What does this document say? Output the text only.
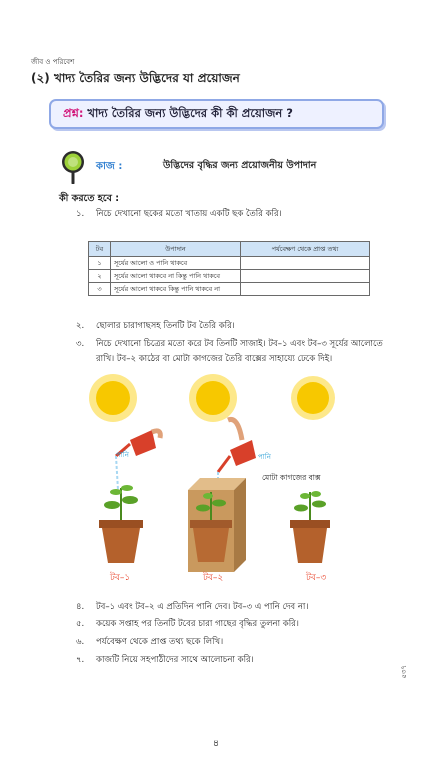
জীব ও পরিবেশ
(২) খাদ্য তৈরির জন্য উদ্ভিদের যা প্রয়োজন
প্রশ্ন: খাদ্য তৈরির জন্য উদ্ভিদের কী কী প্রয়োজন ?
কাজ :	উদ্ভিদের বৃদ্ধির জন্য প্রয়োজনীয় উপাদান
কী করতে হবে :
১.	নিচে দেখানো ছকের মতো খাতায় একটি ছক তৈরি করি।
টব	উপাদান	পর্যবেক্ষণ থেকে প্রাপ্ত তথ্য
১	সূর্যের আলো ও পানি থাকবে	
২	সূর্যের আলো থাকবে না কিন্তু পানি থাকবে	
৩	সূর্যের আলো থাকবে কিন্তু পানি থাকবে না	
২.	ছোলার চারাগাছসহ তিনটি টব তৈরি করি।
৩.	নিচে দেখানো চিত্রের মতো করে টব তিনটি সাজাই। টব–১ এবং টব–৩ সূর্যের আলোতে রাখি। টব–২ কাঠের বা মোটা কাগজের তৈরি বাক্সের সাহায্যে ঢেকে দিই।
পানি	পানি
মোটা কাগজের বাক্স
টব–১	টব–২	টব–৩
৪.	টব–১ এবং টব–২ এ প্রতিদিন পানি দেব। টব–৩ এ পানি দেব না।
৫.	কয়েক সপ্তাহ পর তিনটি টবের চারা গাছের বৃদ্ধির তুলনা করি।
৬.	পর্যবেক্ষণ থেকে প্রাপ্ত তথ্য ছকে লিখি।
৭.	কাজটি নিয়ে সহপাঠীদের সাথে আলোচনা করি।
৫৩৭
৪
